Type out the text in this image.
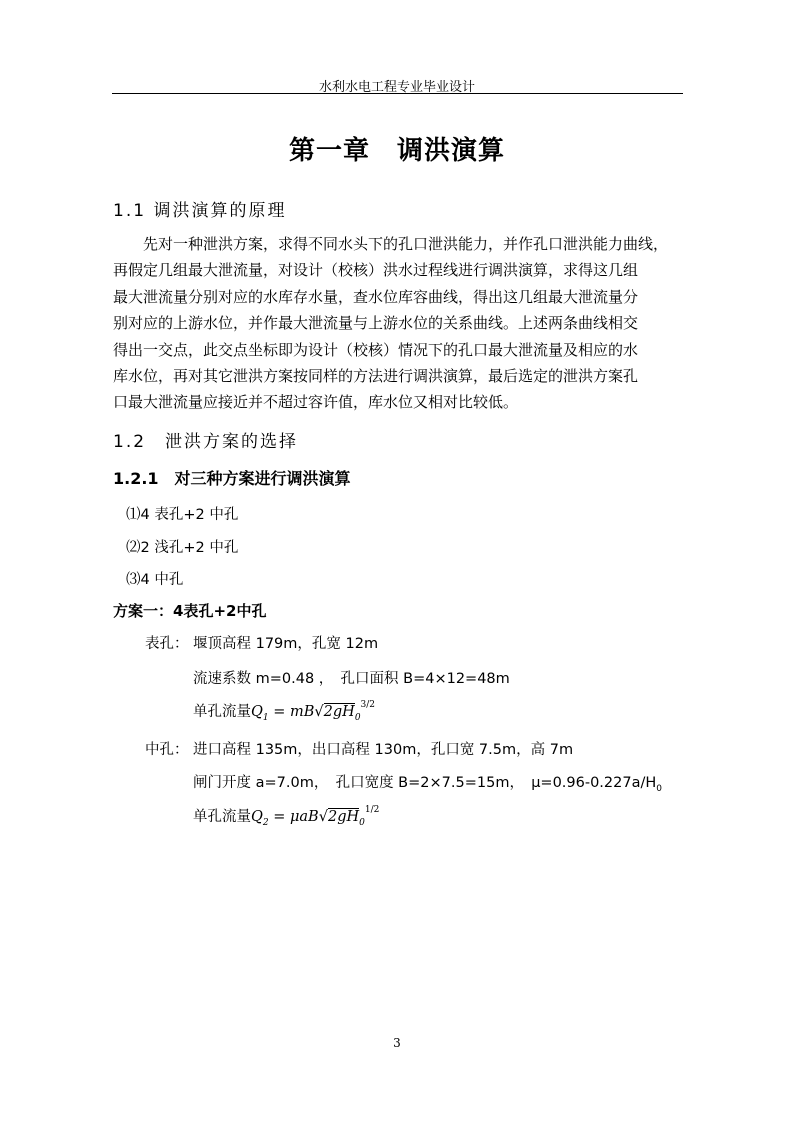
水利水电工程专业毕业设计
第一章　调洪演算
1.1 调洪演算的原理
　　先对一种泄洪方案，求得不同水头下的孔口泄洪能力，并作孔口泄洪能力曲线，
再假定几组最大泄流量，对设计（校核）洪水过程线进行调洪演算，求得这几组
最大泄流量分别对应的水库存水量，查水位库容曲线，得出这几组最大泄流量分
别对应的上游水位，并作最大泄流量与上游水位的关系曲线。上述两条曲线相交
得出一交点，此交点坐标即为设计（校核）情况下的孔口最大泄流量及相应的水
库水位，再对其它泄洪方案按同样的方法进行调洪演算，最后选定的泄洪方案孔
口最大泄流量应接近并不超过容许值，库水位又相对比较低。
1.2　泄洪方案的选择
1.2.1　对三种方案进行调洪演算
⑴4 表孔+2 中孔
⑵2 浅孔+2 中孔
⑶4 中孔
方案一：4表孔+2中孔
表孔： 堰顶高程 179m，孔宽 12m
流速系数 m=0.48 ，　孔口面积 B=4×12=48m
单孔流量$Q_1 = mB√2gH_0^{3/2}$
中孔： 进口高程 135m，出口高程 130m，孔口宽 7.5m，高 7m
闸门开度 a=7.0m，　孔口宽度 B=2×7.5=15m，　$\mu=0.96-0.227a/H_0$
单孔流量$Q_2 = \mu aB√2gH_0^{1/2}$
3
